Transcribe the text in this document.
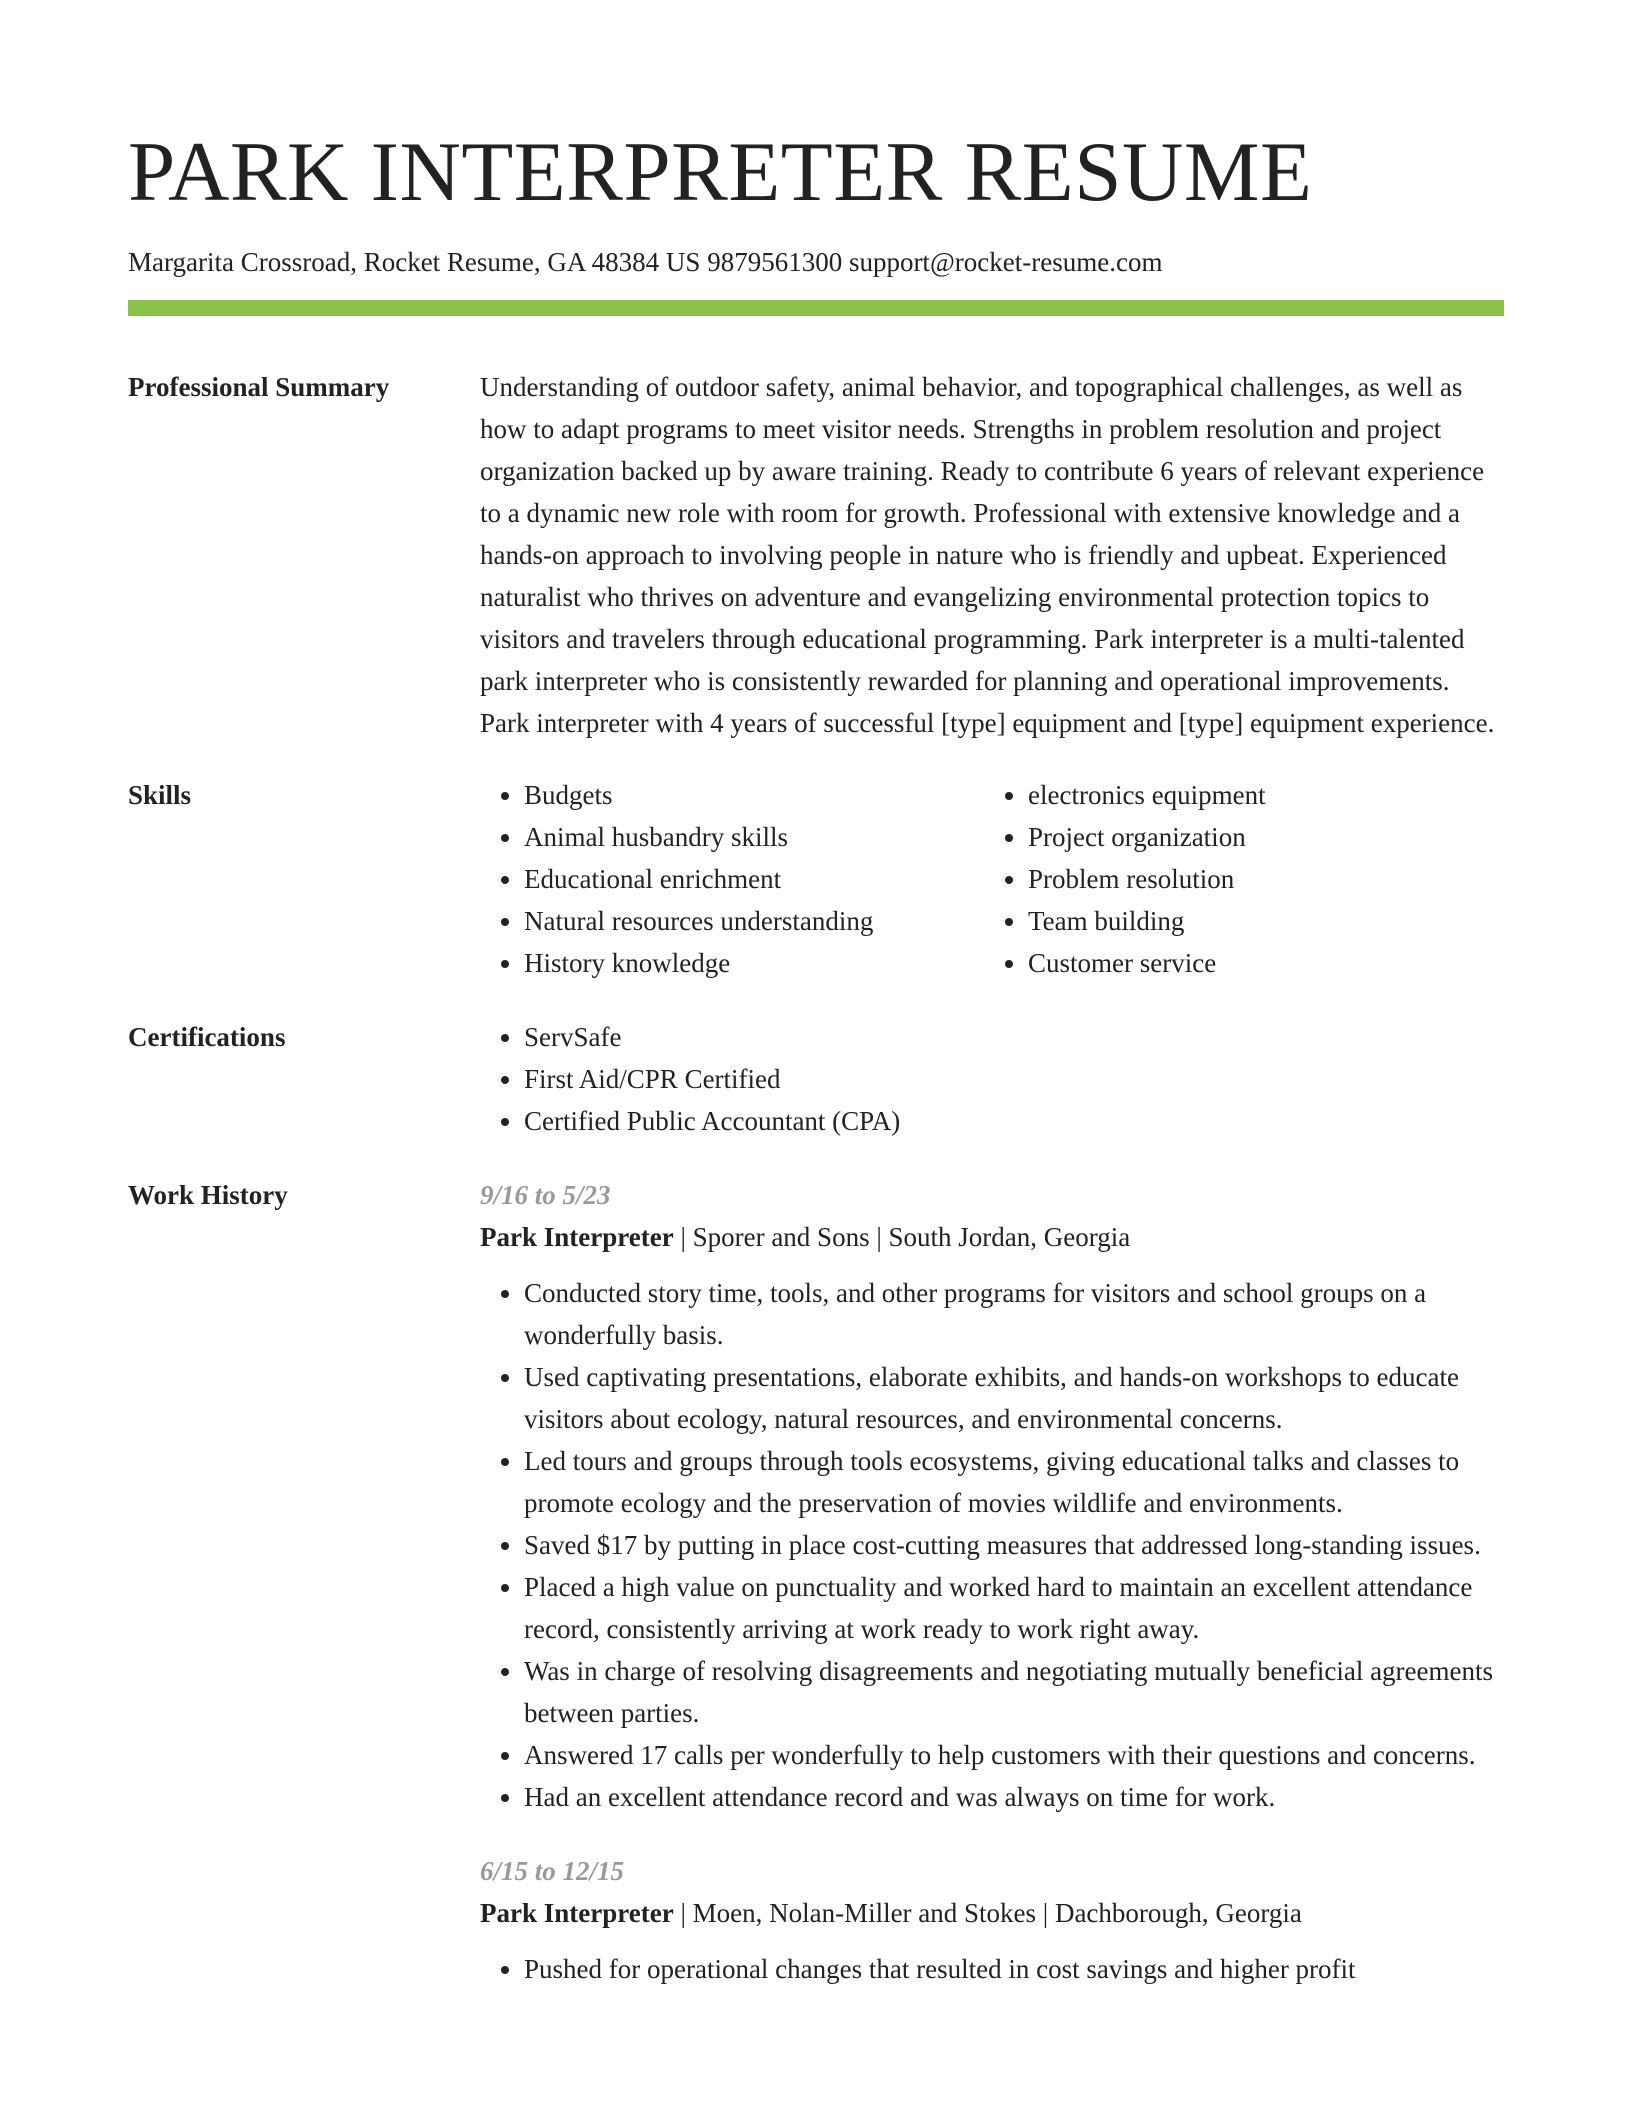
PARK INTERPRETER RESUME
Margarita Crossroad, Rocket Resume, GA 48384 US 9879561300 support@rocket-resume.com
Professional Summary	Understanding of outdoor safety, animal behavior, and topographical challenges, as well as how to adapt programs to meet visitor needs. Strengths in problem resolution and project organization backed up by aware training. Ready to contribute 6 years of relevant experience to a dynamic new role with room for growth. Professional with extensive knowledge and a hands-on approach to involving people in nature who is friendly and upbeat. Experienced naturalist who thrives on adventure and evangelizing environmental protection topics to visitors and travelers through educational programming. Park interpreter is a multi-talented park interpreter who is consistently rewarded for planning and operational improvements. Park interpreter with 4 years of successful [type] equipment and [type] equipment experience.
Skills	• Budgets
• Animal husbandry skills
• Educational enrichment
• Natural resources understanding
• History knowledge
• electronics equipment
• Project organization
• Problem resolution
• Team building
• Customer service
Certifications	• ServSafe
• First Aid/CPR Certified
• Certified Public Accountant (CPA)
Work History	9/16 to 5/23
Park Interpreter | Sporer and Sons | South Jordan, Georgia
• Conducted story time, tools, and other programs for visitors and school groups on a wonderfully basis.
• Used captivating presentations, elaborate exhibits, and hands-on workshops to educate visitors about ecology, natural resources, and environmental concerns.
• Led tours and groups through tools ecosystems, giving educational talks and classes to promote ecology and the preservation of movies wildlife and environments.
• Saved $17 by putting in place cost-cutting measures that addressed long-standing issues.
• Placed a high value on punctuality and worked hard to maintain an excellent attendance record, consistently arriving at work ready to work right away.
• Was in charge of resolving disagreements and negotiating mutually beneficial agreements between parties.
• Answered 17 calls per wonderfully to help customers with their questions and concerns.
• Had an excellent attendance record and was always on time for work.
6/15 to 12/15
Park Interpreter | Moen, Nolan-Miller and Stokes | Dachborough, Georgia
• Pushed for operational changes that resulted in cost savings and higher profit
